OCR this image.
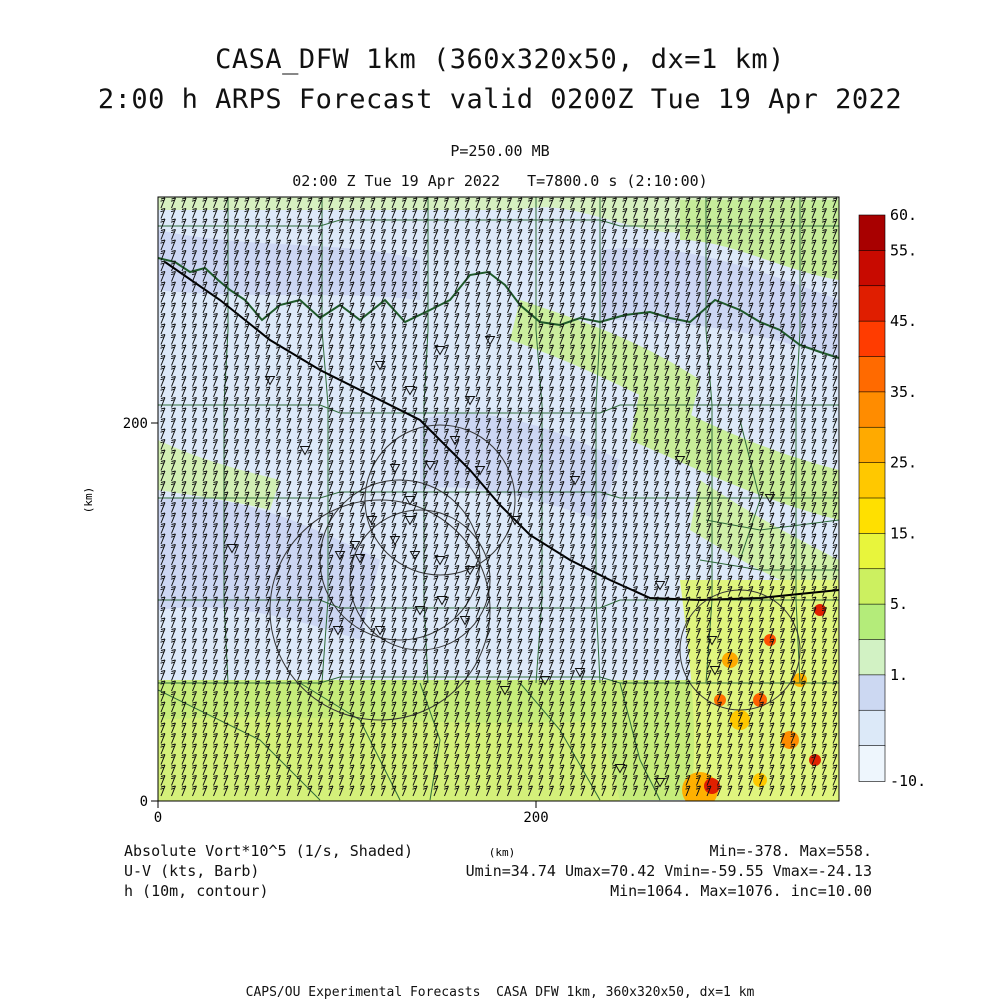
CASA_DFW 1km (360x320x50, dx=1 km)
2:00 h ARPS Forecast valid 0200Z Tue 19 Apr 2022
P=250.00 MB
02:00 Z Tue 19 Apr 2022   T=7800.0 s (2:10:00)
200
0
0	200
(km)
(km)
60.
55.
45.
35.
25.
15.
5.
1.
-10.
Absolute Vort*10^5 (1/s, Shaded)	Min=-378. Max=558.
U-V (kts, Barb)	Umin=34.74 Umax=70.42 Vmin=-59.55 Vmax=-24.13
h (10m, contour)	Min=1064. Max=1076. inc=10.00
CAPS/OU Experimental Forecasts  CASA DFW 1km, 360x320x50, dx=1 km
